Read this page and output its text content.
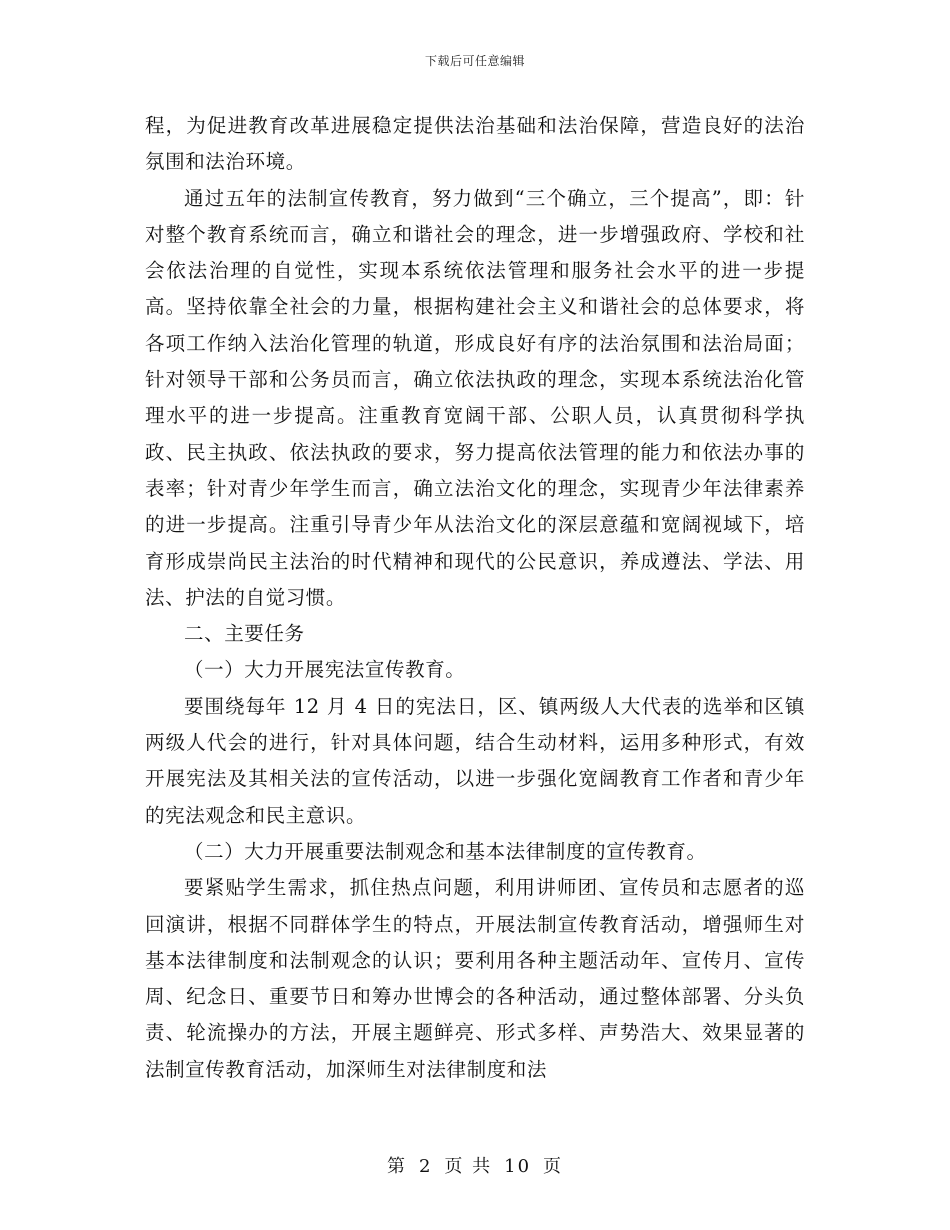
下载后可任意编辑

程，为促进教育改革进展稳定提供法治基础和法治保障，营造良好的法治氛围和法治环境。

通过五年的法制宣传教育，努力做到“三个确立，三个提高”，即：针对整个教育系统而言，确立和谐社会的理念，进一步增强政府、学校和社会依法治理的自觉性，实现本系统依法管理和服务社会水平的进一步提高。坚持依靠全社会的力量，根据构建社会主义和谐社会的总体要求，将各项工作纳入法治化管理的轨道，形成良好有序的法治氛围和法治局面；针对领导干部和公务员而言，确立依法执政的理念，实现本系统法治化管理水平的进一步提高。注重教育宽阔干部、公职人员，认真贯彻科学执政、民主执政、依法执政的要求，努力提高依法管理的能力和依法办事的表率；针对青少年学生而言，确立法治文化的理念，实现青少年法律素养的进一步提高。注重引导青少年从法治文化的深层意蕴和宽阔视域下，培育形成崇尚民主法治的时代精神和现代的公民意识，养成遵法、学法、用法、护法的自觉习惯。

二、主要任务

（一）大力开展宪法宣传教育。

要围绕每年 12 月 4 日的宪法日，区、镇两级人大代表的选举和区镇两级人代会的进行，针对具体问题，结合生动材料，运用多种形式，有效开展宪法及其相关法的宣传活动，以进一步强化宽阔教育工作者和青少年的宪法观念和民主意识。

（二）大力开展重要法制观念和基本法律制度的宣传教育。

要紧贴学生需求，抓住热点问题，利用讲师团、宣传员和志愿者的巡回演讲，根据不同群体学生的特点，开展法制宣传教育活动，增强师生对基本法律制度和法制观念的认识；要利用各种主题活动年、宣传月、宣传周、纪念日、重要节日和筹办世博会的各种活动，通过整体部署、分头负责、轮流操办的方法，开展主题鲜亮、形式多样、声势浩大、效果显著的法制宣传教育活动，加深师生对法律制度和法

第 2 页 共 10 页
